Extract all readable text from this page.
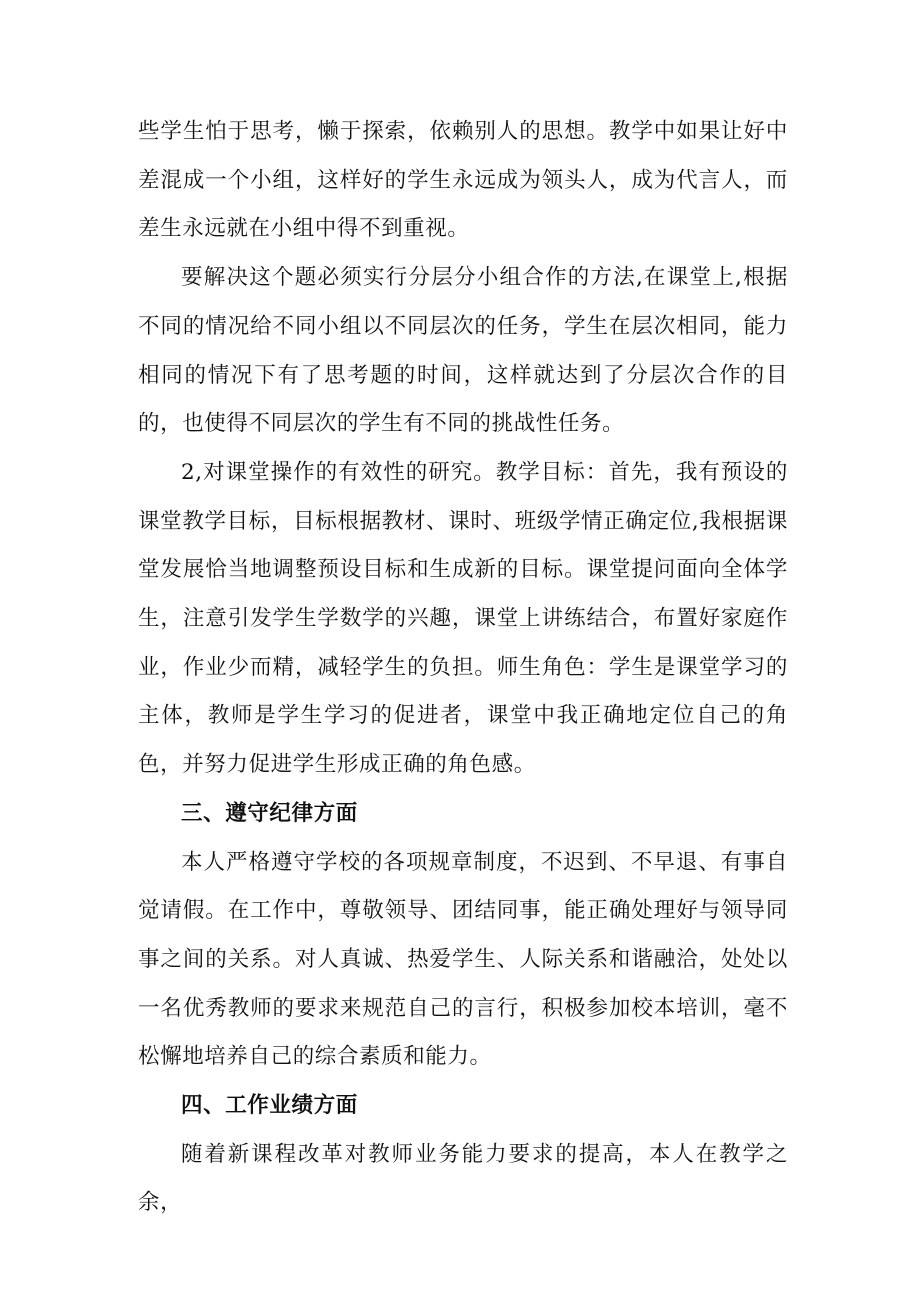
些学生怕于思考，懒于探索，依赖别人的思想。教学中如果让好中差混成一个小组，这样好的学生永远成为领头人，成为代言人，而差生永远就在小组中得不到重视。

要解决这个题必须实行分层分小组合作的方法,在课堂上,根据不同的情况给不同小组以不同层次的任务，学生在层次相同，能力相同的情况下有了思考题的时间，这样就达到了分层次合作的目的，也使得不同层次的学生有不同的挑战性任务。

2,对课堂操作的有效性的研究。教学目标：首先，我有预设的课堂教学目标，目标根据教材、课时、班级学情正确定位,我根据课堂发展恰当地调整预设目标和生成新的目标。课堂提问面向全体学生，注意引发学生学数学的兴趣，课堂上讲练结合，布置好家庭作业，作业少而精，减轻学生的负担。师生角色：学生是课堂学习的主体，教师是学生学习的促进者，课堂中我正确地定位自己的角色，并努力促进学生形成正确的角色感。

三、遵守纪律方面

本人严格遵守学校的各项规章制度，不迟到、不早退、有事自觉请假。在工作中，尊敬领导、团结同事，能正确处理好与领导同事之间的关系。对人真诚、热爱学生、人际关系和谐融洽，处处以一名优秀教师的要求来规范自己的言行，积极参加校本培训，毫不松懈地培养自己的综合素质和能力。

四、工作业绩方面

随着新课程改革对教师业务能力要求的提高，本人在教学之余，
